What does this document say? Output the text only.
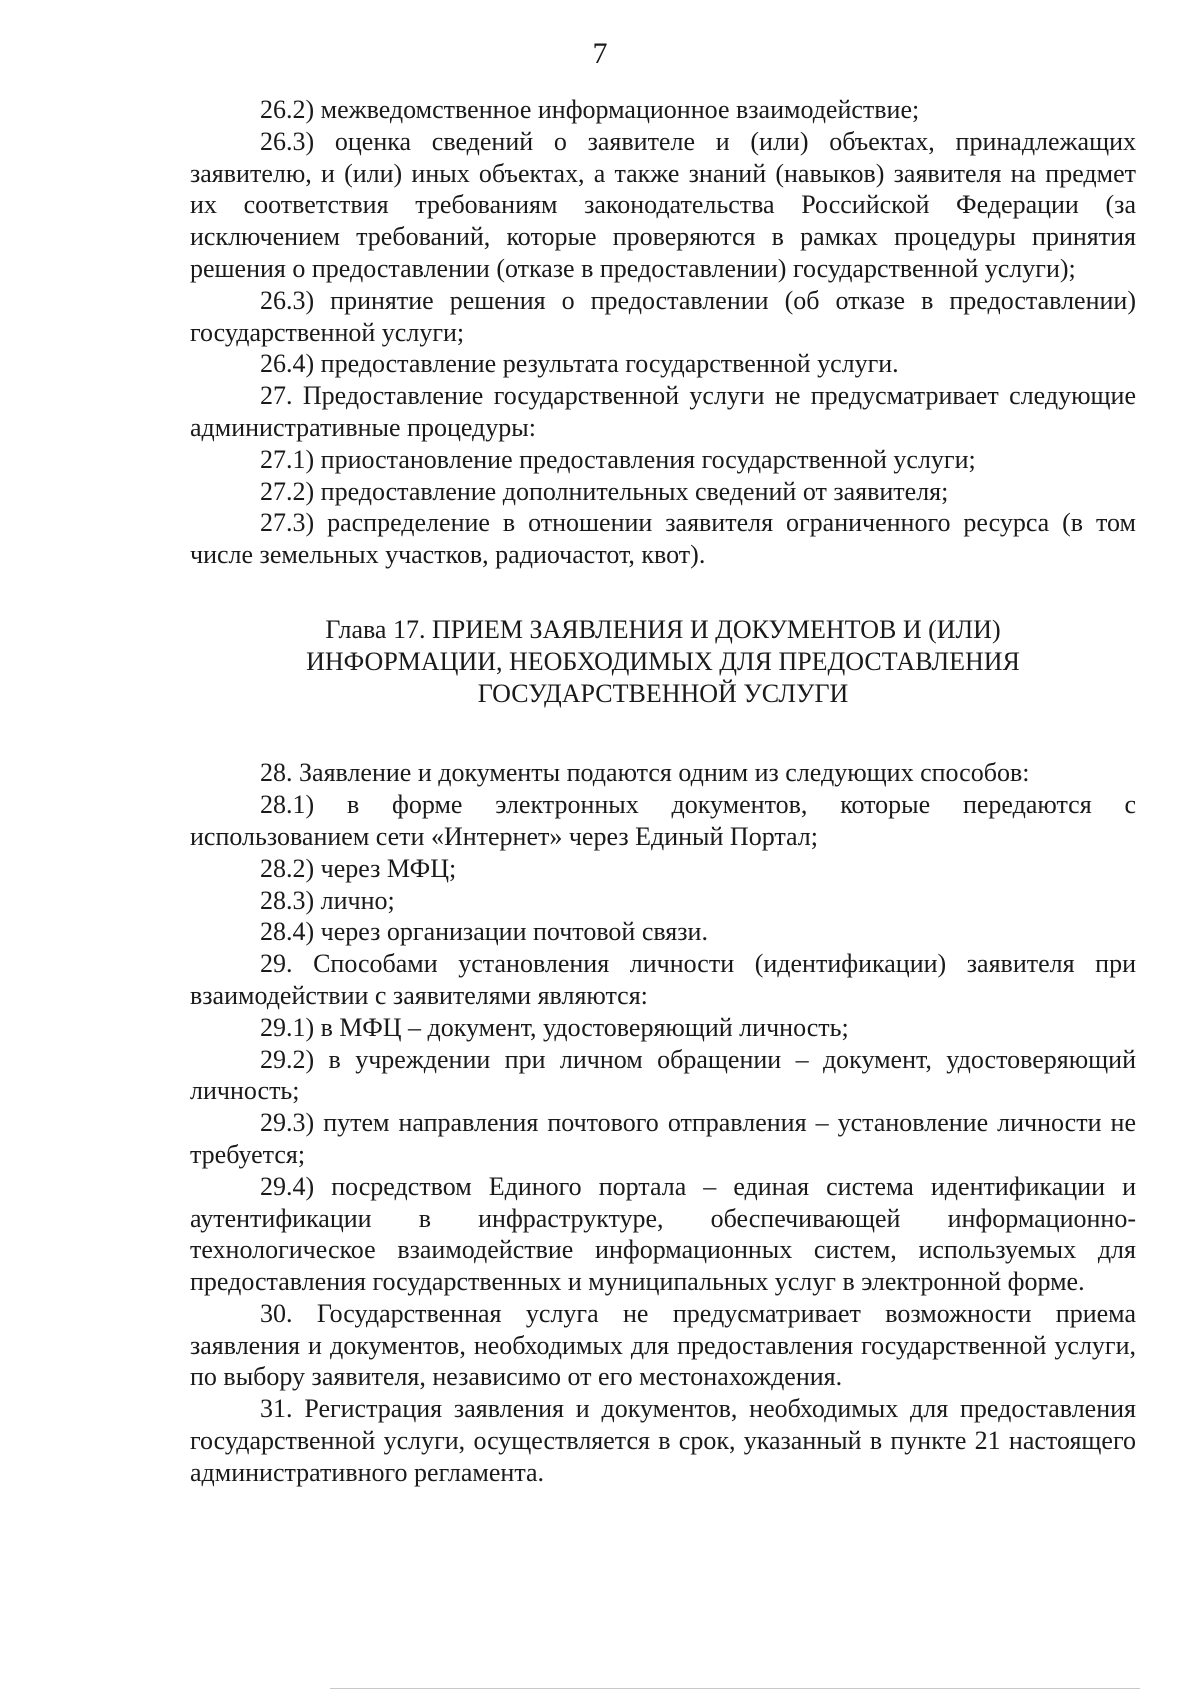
7

26.2) межведомственное информационное взаимодействие;

26.3) оценка сведений о заявителе и (или) объектах, принадлежащих заявителю, и (или) иных объектах, а также знаний (навыков) заявителя на предмет их соответствия требованиям законодательства Российской Федерации (за исключением требований, которые проверяются в рамках процедуры принятия решения о предоставлении (отказе в предоставлении) государственной услуги);

26.3) принятие решения о предоставлении (об отказе в предоставлении) государственной услуги;

26.4) предоставление результата государственной услуги.

27. Предоставление государственной услуги не предусматривает следующие административные процедуры:

27.1) приостановление предоставления государственной услуги;

27.2) предоставление дополнительных сведений от заявителя;

27.3) распределение в отношении заявителя ограниченного ресурса (в том числе земельных участков, радиочастот, квот).

Глава 17. ПРИЕМ ЗАЯВЛЕНИЯ И ДОКУМЕНТОВ И (ИЛИ)
ИНФОРМАЦИИ, НЕОБХОДИМЫХ ДЛЯ ПРЕДОСТАВЛЕНИЯ
ГОСУДАРСТВЕННОЙ УСЛУГИ

28. Заявление и документы подаются одним из следующих способов:

28.1) в форме электронных документов, которые передаются с использованием сети «Интернет» через Единый Портал;

28.2) через МФЦ;

28.3) лично;

28.4) через организации почтовой связи.

29. Способами установления личности (идентификации) заявителя при взаимодействии с заявителями являются:

29.1) в МФЦ – документ, удостоверяющий личность;

29.2) в учреждении при личном обращении – документ, удостоверяющий личность;

29.3) путем направления почтового отправления – установление личности не требуется;

29.4) посредством Единого портала – единая система идентификации и аутентификации в инфраструктуре, обеспечивающей информационно-технологическое взаимодействие информационных систем, используемых для предоставления государственных и муниципальных услуг в электронной форме.

30. Государственная услуга не предусматривает возможности приема заявления и документов, необходимых для предоставления государственной услуги, по выбору заявителя, независимо от его местонахождения.

31. Регистрация заявления и документов, необходимых для предоставления государственной услуги, осуществляется в срок, указанный в пункте 21 настоящего административного регламента.
